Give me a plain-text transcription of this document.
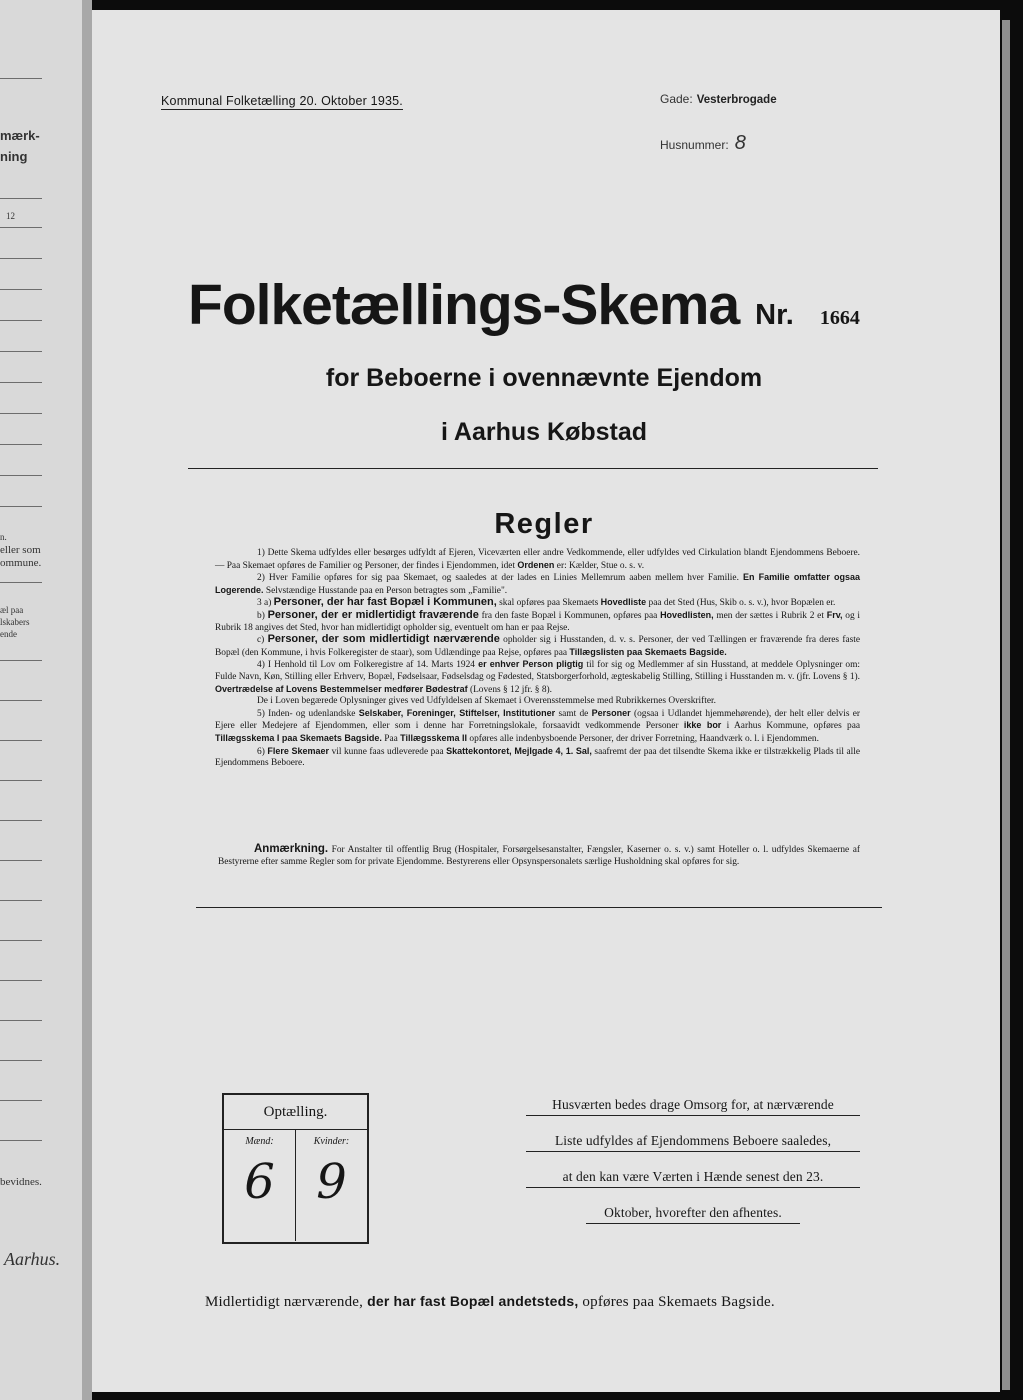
mærk-
ning
12
n.
eller som
ommune.
æl paa
lskabers
ende
bevidnes.
Aarhus.
Kommunal Folketælling 20. Oktober 1935.	Gade: Vesterbrogade
Husnummer: 8
Folketællings-Skema Nr. 1664
for Beboerne i ovennævnte Ejendom
i Aarhus Købstad
Regler

1) Dette Skema udfyldes eller besørges udfyldt af Ejeren, Viceværten eller andre Vedkommende, eller udfyldes ved Cirkulation blandt Ejendommens Beboere. — Paa Skemaet opføres de Familier og Personer, der findes i Ejendommen, idet Ordenen er: Kælder, Stue o. s. v.

2) Hver Familie opføres for sig paa Skemaet, og saaledes at der lades en Linies Mellemrum aaben mellem hver Familie. En Familie omfatter ogsaa Logerende. Selvstændige Husstande paa en Person betragtes som „Familie".

3 a) Personer, der har fast Bopæl i Kommunen, skal opføres paa Skemaets Hovedliste paa det Sted (Hus, Skib o. s. v.), hvor Bopælen er.

b) Personer, der er midlertidigt fraværende fra den faste Bopæl i Kommunen, opføres paa Hovedlisten, men der sættes i Rubrik 2 et Frv, og i Rubrik 18 angives det Sted, hvor han midlertidigt opholder sig, eventuelt om han er paa Rejse.

c) Personer, der som midlertidigt nærværende opholder sig i Husstanden, d. v. s. Personer, der ved Tællingen er fraværende fra deres faste Bopæl (den Kommune, i hvis Folkeregister de staar), som Udlændinge paa Rejse, opføres paa Tillægslisten paa Skemaets Bagside.

4) I Henhold til Lov om Folkeregistre af 14. Marts 1924 er enhver Person pligtig til for sig og Medlemmer af sin Husstand, at meddele Oplysninger om: Fulde Navn, Køn, Stilling eller Erhverv, Bopæl, Fødselsaar, Fødselsdag og Fødested, Statsborgerforhold, ægteskabelig Stilling, Stilling i Husstanden m. v. (jfr. Lovens § 1). Overtrædelse af Lovens Bestemmelser medfører Bødestraf (Lovens § 12 jfr. § 8).

De i Loven begærede Oplysninger gives ved Udfyldelsen af Skemaet i Overensstemmelse med Rubrikkernes Overskrifter.

5) Inden- og udenlandske Selskaber, Foreninger, Stiftelser, Institutioner samt de Personer (ogsaa i Udlandet hjemmehørende), der helt eller delvis er Ejere eller Medejere af Ejendommen, eller som i denne har Forretningslokale, forsaavidt vedkommende Personer ikke bor i Aarhus Kommune, opføres paa Tillægsskema I paa Skemaets Bagside. Paa Tillægsskema II opføres alle indenbysboende Personer, der driver Forretning, Haandværk o. l. i Ejendommen.

6) Flere Skemaer vil kunne faas udleverede paa Skattekontoret, Mejlgade 4, 1. Sal, saafremt der paa det tilsendte Skema ikke er tilstrækkelig Plads til alle Ejendommens Beboere.

Anmærkning. For Anstalter til offentlig Brug (Hospitaler, Forsørgelsesanstalter, Fængsler, Kaserner o. s. v.) samt Hoteller o. l. udfyldes Skemaerne af Bestyrerne efter samme Regler som for private Ejendomme. Bestyrerens eller Opsynspersonalets særlige Husholdning skal opføres for sig.

Optælling.
Mænd:
6
Kvinder:
9
Husværten bedes drage Omsorg for, at nærværende
Liste udfyldes af Ejendommens Beboere saaledes,
at den kan være Værten i Hænde senest den 23.
Oktober, hvorefter den afhentes.
Midlertidigt nærværende, der har fast Bopæl andetsteds, opføres paa Skemaets Bagside.
